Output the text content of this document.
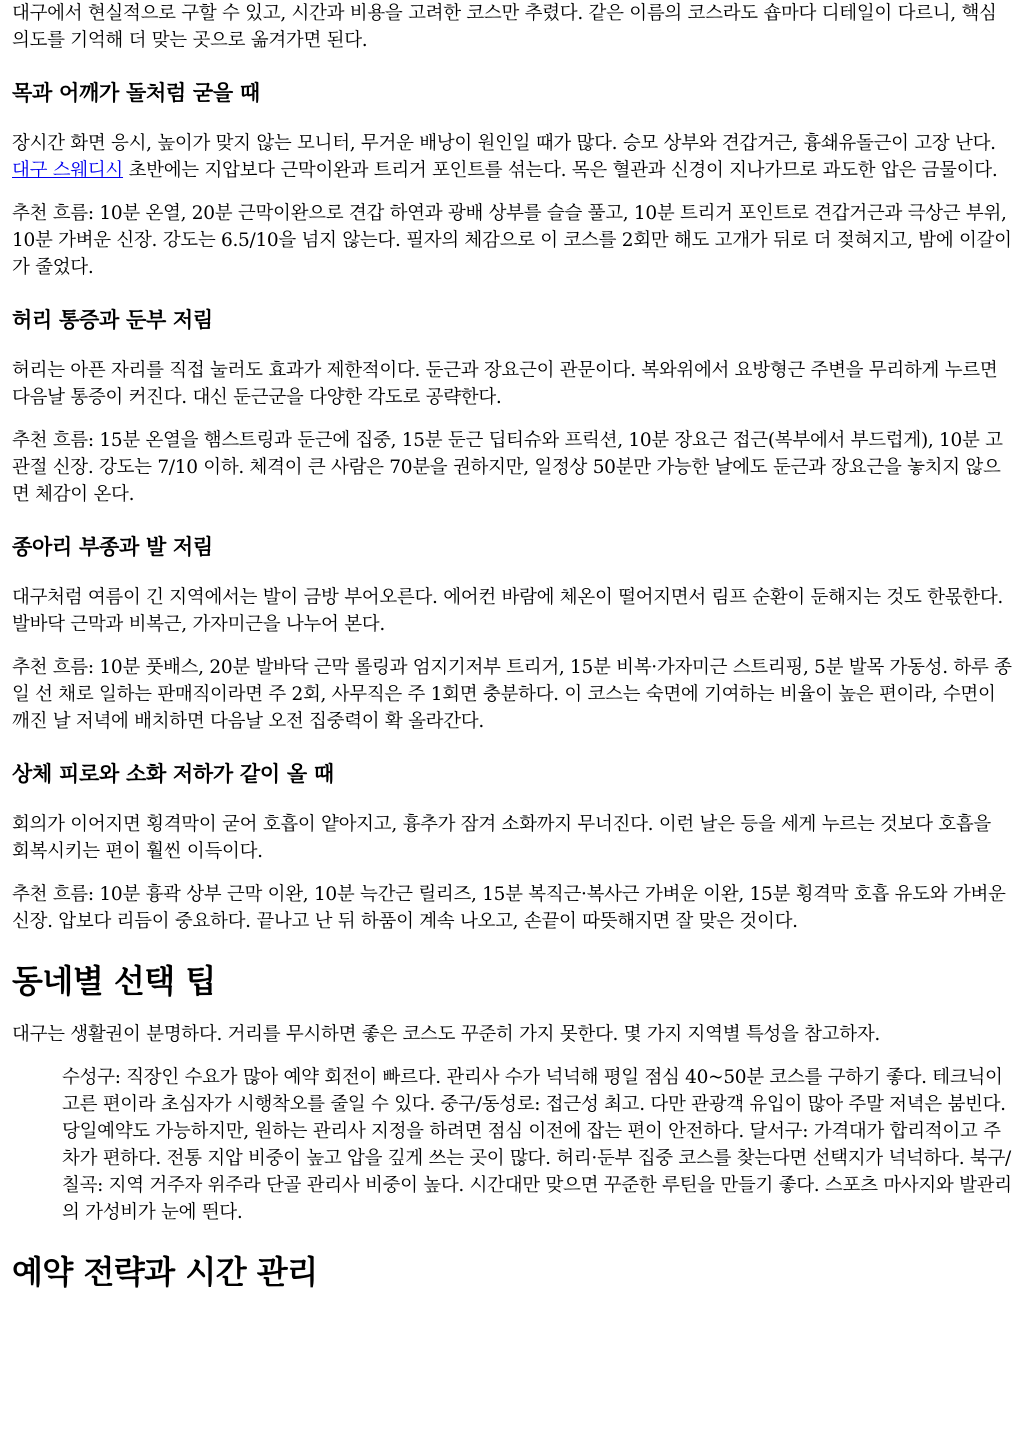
대구에서 현실적으로 구할 수 있고, 시간과 비용을 고려한 코스만 추렸다. 같은 이름의 코스라도 숍마다 디테일이 다르니, 핵심 의도를 기억해 더 맞는 곳으로 옮겨가면 된다.

목과 어깨가 돌처럼 굳을 때

장시간 화면 응시, 높이가 맞지 않는 모니터, 무거운 배낭이 원인일 때가 많다. 승모 상부와 견갑거근, 흉쇄유돌근이 고장 난다. 대구 스웨디시 초반에는 지압보다 근막이완과 트리거 포인트를 섞는다. 목은 혈관과 신경이 지나가므로 과도한 압은 금물이다.

추천 흐름: 10분 온열, 20분 근막이완으로 견갑 하연과 광배 상부를 슬슬 풀고, 10분 트리거 포인트로 견갑거근과 극상근 부위, 10분 가벼운 신장. 강도는 6.5/10을 넘지 않는다. 필자의 체감으로 이 코스를 2회만 해도 고개가 뒤로 더 젖혀지고, 밤에 이갈이가 줄었다.

허리 통증과 둔부 저림

허리는 아픈 자리를 직접 눌러도 효과가 제한적이다. 둔근과 장요근이 관문이다. 복와위에서 요방형근 주변을 무리하게 누르면 다음날 통증이 커진다. 대신 둔근군을 다양한 각도로 공략한다.

추천 흐름: 15분 온열을 햄스트링과 둔근에 집중, 15분 둔근 딥티슈와 프릭션, 10분 장요근 접근(복부에서 부드럽게), 10분 고관절 신장. 강도는 7/10 이하. 체격이 큰 사람은 70분을 권하지만, 일정상 50분만 가능한 날에도 둔근과 장요근을 놓치지 않으면 체감이 온다.

종아리 부종과 발 저림

대구처럼 여름이 긴 지역에서는 발이 금방 부어오른다. 에어컨 바람에 체온이 떨어지면서 림프 순환이 둔해지는 것도 한몫한다. 발바닥 근막과 비복근, 가자미근을 나누어 본다.

추천 흐름: 10분 풋배스, 20분 발바닥 근막 롤링과 엄지기저부 트리거, 15분 비복·가자미근 스트리핑, 5분 발목 가동성. 하루 종일 선 채로 일하는 판매직이라면 주 2회, 사무직은 주 1회면 충분하다. 이 코스는 숙면에 기여하는 비율이 높은 편이라, 수면이 깨진 날 저녁에 배치하면 다음날 오전 집중력이 확 올라간다.

상체 피로와 소화 저하가 같이 올 때

회의가 이어지면 횡격막이 굳어 호흡이 얕아지고, 흉추가 잠겨 소화까지 무너진다. 이런 날은 등을 세게 누르는 것보다 호흡을 회복시키는 편이 훨씬 이득이다.

추천 흐름: 10분 흉곽 상부 근막 이완, 10분 늑간근 릴리즈, 15분 복직근·복사근 가벼운 이완, 15분 횡격막 호흡 유도와 가벼운 신장. 압보다 리듬이 중요하다. 끝나고 난 뒤 하품이 계속 나오고, 손끝이 따뜻해지면 잘 맞은 것이다.

동네별 선택 팁

대구는 생활권이 분명하다. 거리를 무시하면 좋은 코스도 꾸준히 가지 못한다. 몇 가지 지역별 특성을 참고하자.

수성구: 직장인 수요가 많아 예약 회전이 빠르다. 관리사 수가 넉넉해 평일 점심 40~50분 코스를 구하기 좋다. 테크닉이 고른 편이라 초심자가 시행착오를 줄일 수 있다. 중구/동성로: 접근성 최고. 다만 관광객 유입이 많아 주말 저녁은 붐빈다. 당일예약도 가능하지만, 원하는 관리사 지정을 하려면 점심 이전에 잡는 편이 안전하다. 달서구: 가격대가 합리적이고 주차가 편하다. 전통 지압 비중이 높고 압을 깊게 쓰는 곳이 많다. 허리·둔부 집중 코스를 찾는다면 선택지가 넉넉하다. 북구/칠곡: 지역 거주자 위주라 단골 관리사 비중이 높다. 시간대만 맞으면 꾸준한 루틴을 만들기 좋다. 스포츠 마사지와 발관리의 가성비가 눈에 띈다.
예약 전략과 시간 관리
